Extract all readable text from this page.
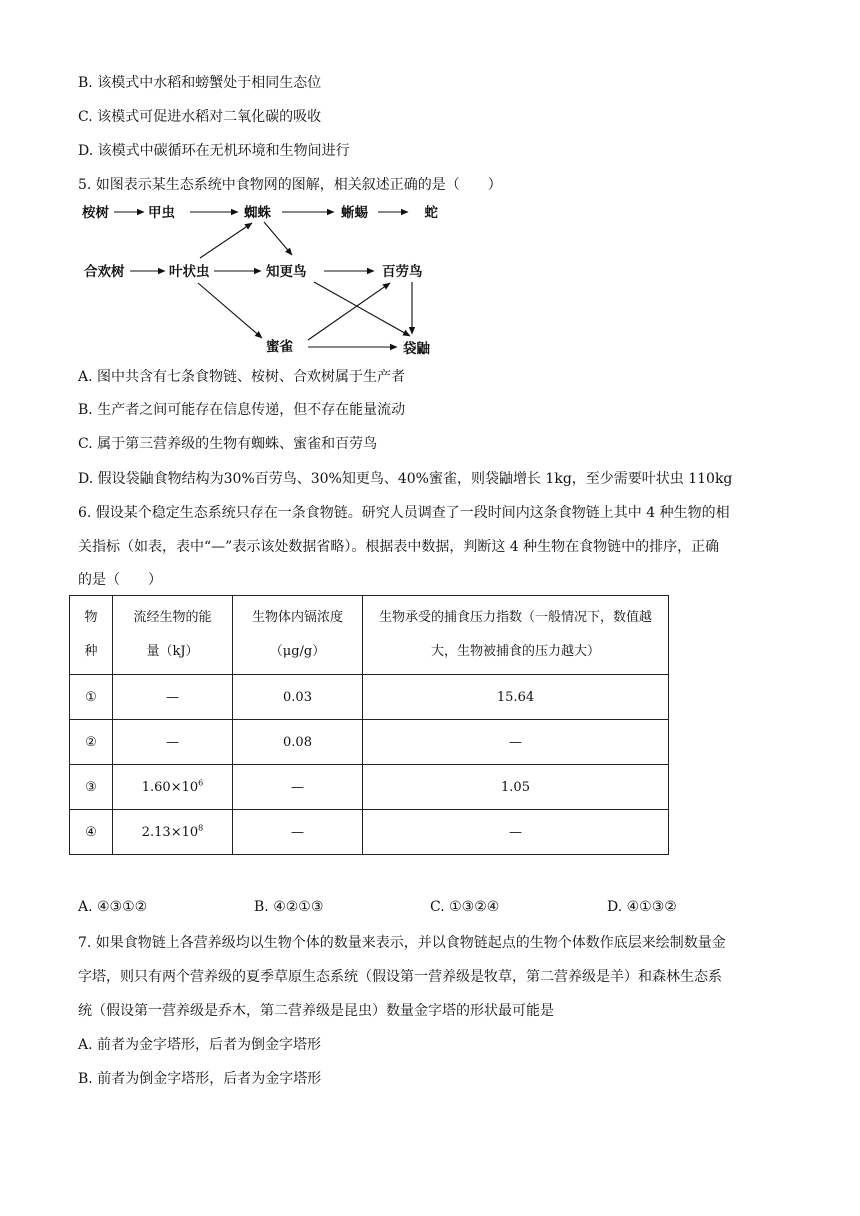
B. 该模式中水稻和螃蟹处于相同生态位
C. 该模式可促进水稻对二氧化碳的吸收
D. 该模式中碳循环在无机环境和生物间进行
5. 如图表示某生态系统中食物网的图解，相关叙述正确的是（　　）
桉树	甲虫	蜘蛛	蜥蜴	蛇
合欢树	叶状虫	知更鸟	百劳鸟
蜜雀	袋鼬
A. 图中共含有七条食物链、桉树、合欢树属于生产者
B. 生产者之间可能存在信息传递，但不存在能量流动
C. 属于第三营养级的生物有蜘蛛、蜜雀和百劳鸟
D. 假设袋鼬食物结构为30%百劳鸟、30%知更鸟、40%蜜雀，则袋鼬增长 1kg，至少需要叶状虫 110kg
6. 假设某个稳定生态系统只存在一条食物链。研究人员调查了一段时间内这条食物链上其中 4 种生物的相
关指标（如表，表中“—”表示该处数据省略）。根据表中数据，判断这 4 种生物在食物链中的排序，正确
的是（　　）
物种	流经生物的能量（kJ）	生物体内镉浓度（μg/g）	生物承受的捕食压力指数（一般情况下，数值越大，生物被捕食的压力越大）

①	—	0.03	15.64
②	—	0.08	—
③	$1.60\times 10^6$	—	1.05
④	$2.13\times 10^8$	—	—
A. ④③①②	B. ④②①③	C. ①③②④	D. ④①③②
7. 如果食物链上各营养级均以生物个体的数量来表示，并以食物链起点的生物个体数作底层来绘制数量金
字塔，则只有两个营养级的夏季草原生态系统（假设第一营养级是牧草，第二营养级是羊）和森林生态系
统（假设第一营养级是乔木，第二营养级是昆虫）数量金字塔的形状最可能是
A. 前者为金字塔形，后者为倒金字塔形
B. 前者为倒金字塔形，后者为金字塔形
